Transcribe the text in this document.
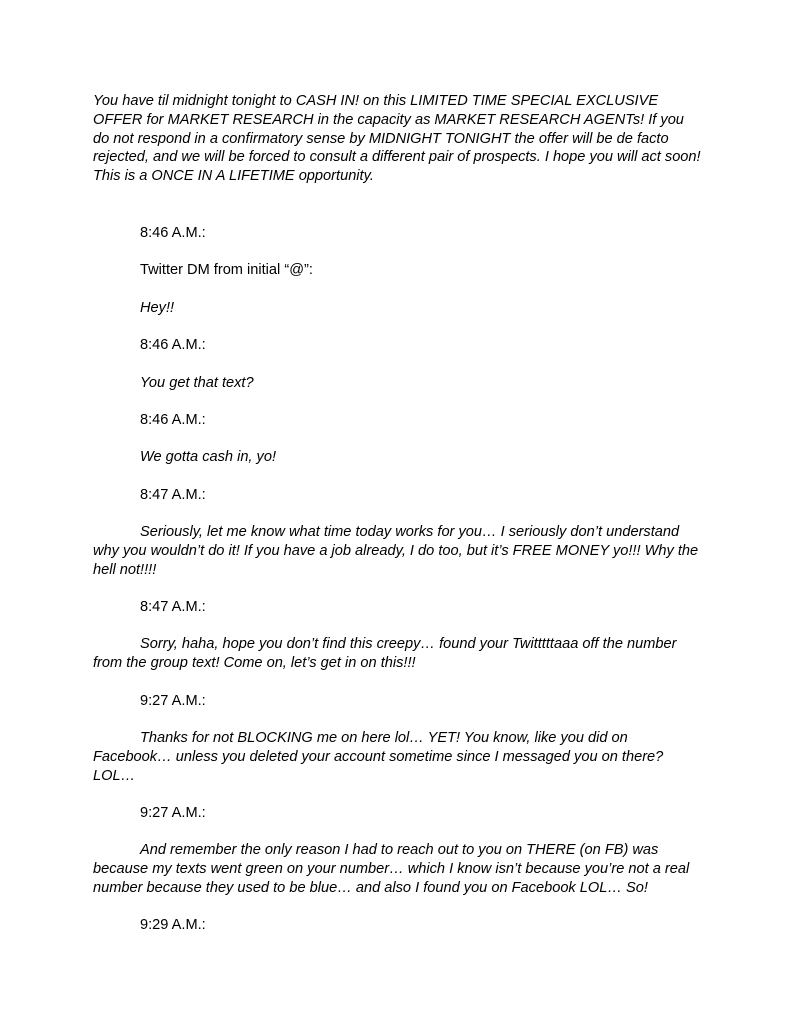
You have til midnight tonight to CASH IN! on this LIMITED TIME SPECIAL EXCLUSIVE OFFER for MARKET RESEARCH in the capacity as MARKET RESEARCH AGENTs! If you do not respond in a confirmatory sense by MIDNIGHT TONIGHT the offer will be de facto rejected, and we will be forced to consult a different pair of prospects. I hope you will act soon! This is a ONCE IN A LIFETIME opportunity.

8:46 A.M.:

Twitter DM from initial “@”:

Hey!!

8:46 A.M.:

You get that text?

8:46 A.M.:

We gotta cash in, yo!

8:47 A.M.:

Seriously, let me know what time today works for you… I seriously don’t understand why you wouldn’t do it! If you have a job already, I do too, but it’s FREE MONEY yo!!! Why the hell not!!!!

8:47 A.M.:

Sorry, haha, hope you don’t find this creepy… found your Twitttttaaa off the number from the group text! Come on, let’s get in on this!!!

9:27 A.M.:

Thanks for not BLOCKING me on here lol… YET! You know, like you did on Facebook… unless you deleted your account sometime since I messaged you on there? LOL…

9:27 A.M.:

And remember the only reason I had to reach out to you on THERE (on FB) was because my texts went green on your number… which I know isn’t because you’re not a real number because they used to be blue… and also I found you on Facebook LOL… So!

9:29 A.M.:
